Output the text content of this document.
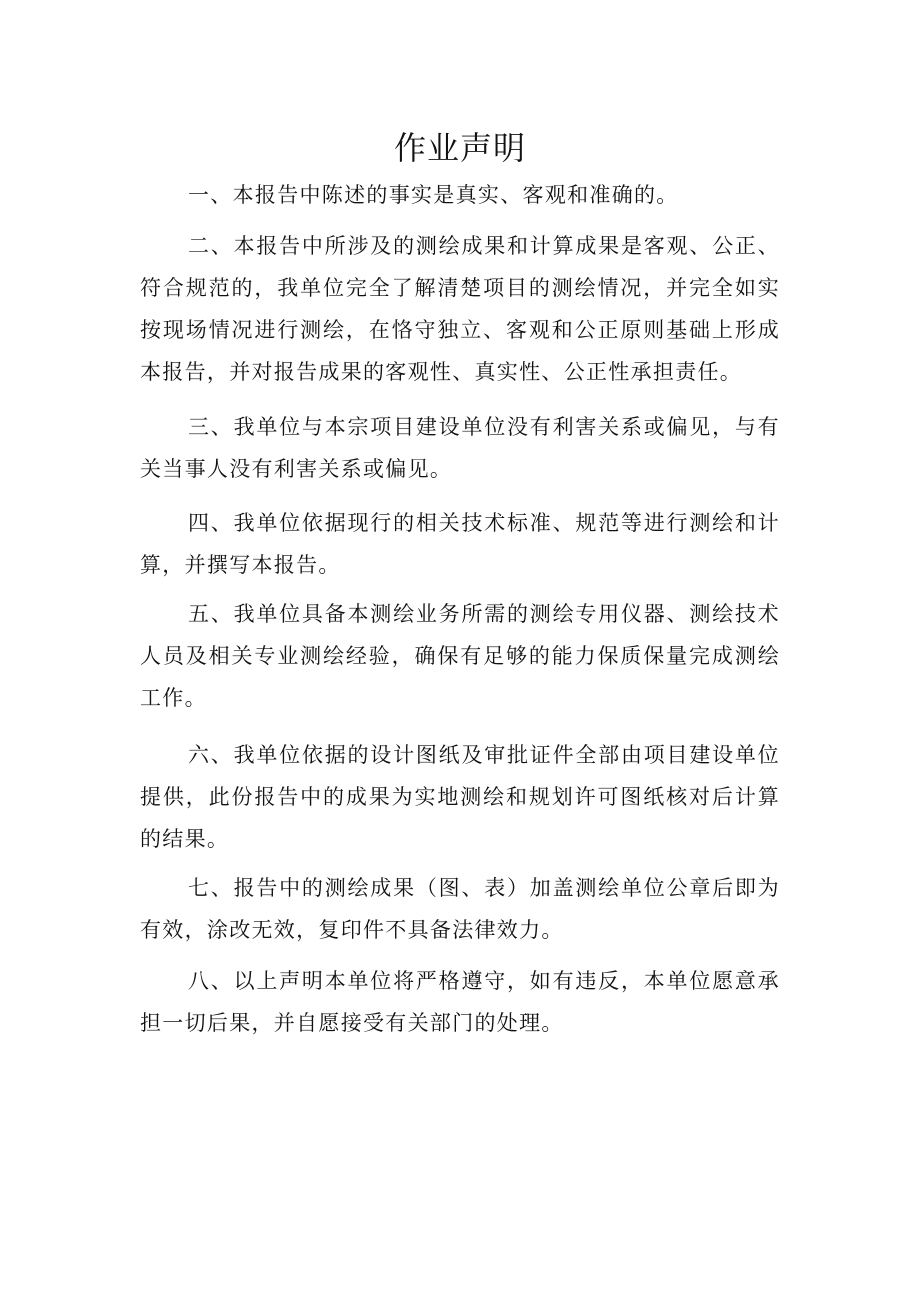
作业声明

一、本报告中陈述的事实是真实、客观和准确的。

二、本报告中所涉及的测绘成果和计算成果是客观、公正、符合规范的，我单位完全了解清楚项目的测绘情况，并完全如实按现场情况进行测绘，在恪守独立、客观和公正原则基础上形成本报告，并对报告成果的客观性、真实性、公正性承担责任。

三、我单位与本宗项目建设单位没有利害关系或偏见，与有关当事人没有利害关系或偏见。

四、我单位依据现行的相关技术标准、规范等进行测绘和计算，并撰写本报告。

五、我单位具备本测绘业务所需的测绘专用仪器、测绘技术人员及相关专业测绘经验，确保有足够的能力保质保量完成测绘工作。

六、我单位依据的设计图纸及审批证件全部由项目建设单位提供，此份报告中的成果为实地测绘和规划许可图纸核对后计算的结果。

七、报告中的测绘成果（图、表）加盖测绘单位公章后即为有效，涂改无效，复印件不具备法律效力。

八、以上声明本单位将严格遵守，如有违反，本单位愿意承担一切后果，并自愿接受有关部门的处理。
